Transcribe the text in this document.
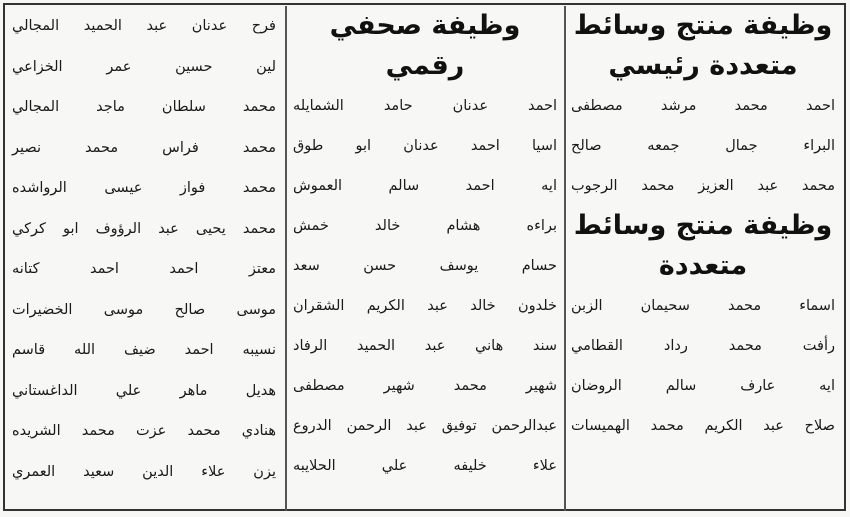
وظيفة منتج وسائط
متعددة رئيسي
احمد محمد مرشد مصطفى
البراء جمال جمعه صالح
محمد عبد العزيز محمد الرجوب
وظيفة منتج وسائط
متعددة
اسماء محمد سحيمان الزبن
رأفت محمد رداد القطامي
ايه عارف سالم الروضان
صلاح عبد الكريم محمد الهميسات
وظيفة صحفي رقمي
احمد عدنان حامد الشمايله
اسيا احمد عدنان ابو طوق
ايه احمد سالم العموش
براءه هشام خالد خمش
حسام يوسف حسن سعد
خلدون خالد عبد الكريم الشقران
سند هاني عبد الحميد الرفاد
شهير محمد شهير مصطفى
عبدالرحمن توفيق عبد الرحمن الدروع
علاء خليفه علي الحلايبه
فرح عدنان عبد الحميد المجالي
لين حسين عمر الخزاعي
محمد سلطان ماجد المجالي
محمد فراس محمد نصير
محمد فواز عيسى الرواشده
محمد يحيى عبد الرؤوف ابو كركي
معتز احمد احمد كتانه
موسى صالح موسى الخضيرات
نسيبه احمد ضيف الله قاسم
هديل ماهر علي الداغستاني
هنادي محمد عزت محمد الشريده
يزن علاء الدين سعيد العمري
